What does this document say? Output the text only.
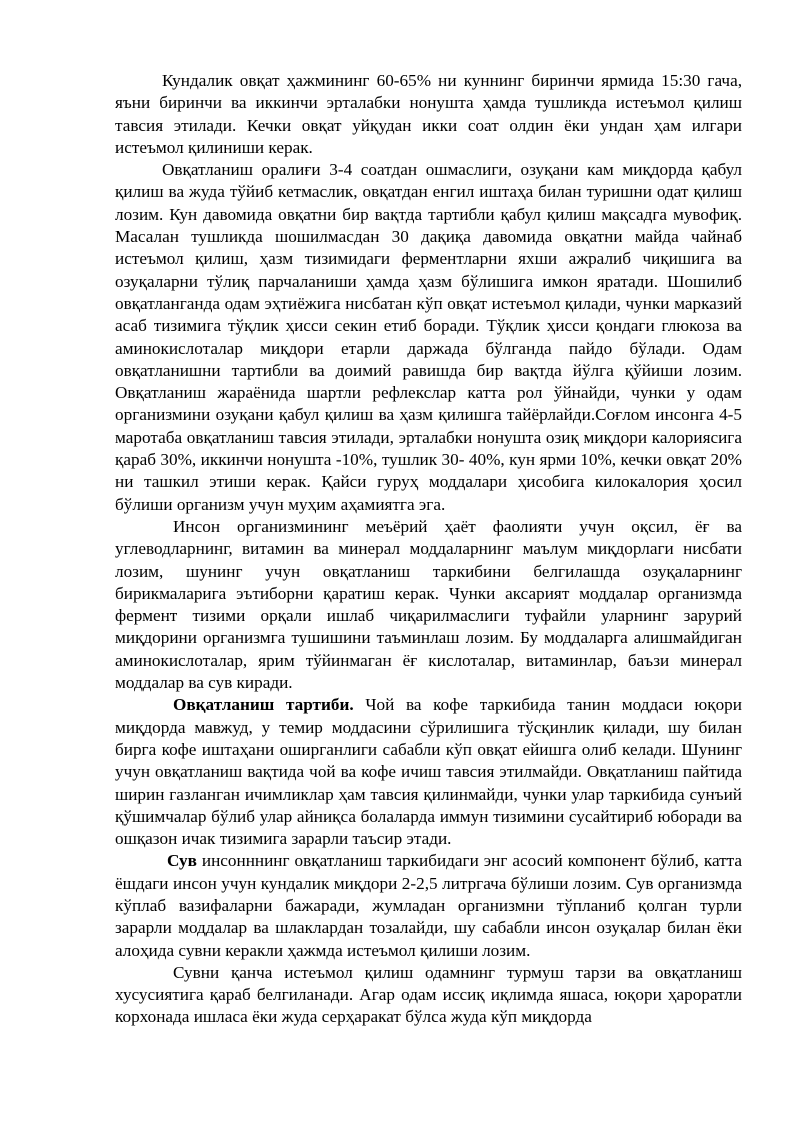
Кундалик овқат ҳажмининг 60-65% ни куннинг биринчи ярмида 15:30 гача, яъни биринчи ва иккинчи эрталабки нонушта ҳамда тушликда истеъмол қилиш тавсия этилади. Кечки овқат уйқудан икки соат олдин ёки ундан ҳам илгари истеъмол қилиниши керак.

Овқатланиш оралиғи 3-4 соатдан ошмаслиги, озуқани кам миқдорда қабул қилиш ва жуда тўйиб кетмаслик, овқатдан енгил иштаҳа билан туришни одат қилиш лозим. Кун давомида овқатни бир вақтда тартибли қабул қилиш мақсадга мувофиқ. Масалан тушликда шошилмасдан 30 дақиқа давомида овқатни майда чайнаб истеъмол қилиш, ҳазм тизимидаги ферментларни яхши ажралиб чиқишига ва озуқаларни тўлиқ парчаланиши ҳамда ҳазм бўлишига имкон яратади. Шошилиб овқатланганда одам эҳтиёжига нисбатан кўп овқат истеъмол қилади, чунки марказий асаб тизимига тўқлик ҳисси секин етиб боради. Тўқлик ҳисси қондаги глюкоза ва аминокислоталар миқдори етарли даржада бўлганда пайдо бўлади. Одам овқатланишни тартибли ва доимий равишда бир вақтда йўлга қўйиши лозим. Овқатланиш жараёнида шартли рефлекслар катта рол ўйнайди, чунки у одам организмини озуқани қабул қилиш ва ҳазм қилишга тайёрлайди.Соғлом инсонга 4-5 маротаба овқатланиш тавсия этилади, эрталабки нонушта озиқ миқдори калориясига қараб 30%, иккинчи нонушта -10%, тушлик 30- 40%, кун ярми 10%, кечки овқат 20% ни ташкил этиши керак. Қайси гуруҳ моддалари ҳисобига килокалория ҳосил бўлиши организм учун муҳим аҳамиятга эга.

Инсон организмининг меъёрий ҳаёт фаолияти учун оқсил, ёғ ва углеводларнинг, витамин ва минерал моддаларнинг маълум миқдорлаги нисбати лозим, шунинг учун овқатланиш таркибини белгилашда озуқаларнинг бирикмаларига эътиборни қаратиш керак. Чунки аксарият моддалар организмда фермент тизими орқали ишлаб чиқарилмаслиги туфайли уларнинг зарурий миқдорини организмга тушишини таъминлаш лозим. Бу моддаларга алишмайдиган аминокислоталар, ярим тўйинмаган ёғ кислоталар, витаминлар, баъзи минерал моддалар ва сув киради.

Овқатланиш тартиби. Чой ва кофе таркибида танин моддаси юқори миқдорда мавжуд, у темир моддасини сўрилишига тўсқинлик қилади, шу билан бирга кофе иштаҳани оширганлиги сабабли кўп овқат ейишга олиб келади. Шунинг учун овқатланиш вақтида чой ва кофе ичиш тавсия этилмайди. Овқатланиш пайтида ширин газланган ичимликлар ҳам тавсия қилинмайди, чунки улар таркибида сунъий қўшимчалар бўлиб улар айниқса болаларда иммун тизимини сусайтириб юборади ва ошқазон ичак тизимига зарарли таъсир этади.

Сув инсонннинг овқатланиш таркибидаги энг асосий компонент бўлиб, катта ёшдаги инсон учун кундалик миқдори 2-2,5 литргача бўлиши лозим. Сув организмда кўплаб вазифаларни бажаради, жумладан организмни тўпланиб қолган турли зарарли моддалар ва шлаклардан тозалайди, шу сабабли инсон озуқалар билан ёки алоҳида сувни керакли ҳажмда истеъмол қилиши лозим.

Сувни қанча истеъмол қилиш одамнинг турмуш тарзи ва овқатланиш хусусиятига қараб белгиланади. Агар одам иссиқ иқлимда яшаса, юқори ҳароратли корхонада ишласа ёки жуда серҳаракат бўлса жуда кўп миқдорда
